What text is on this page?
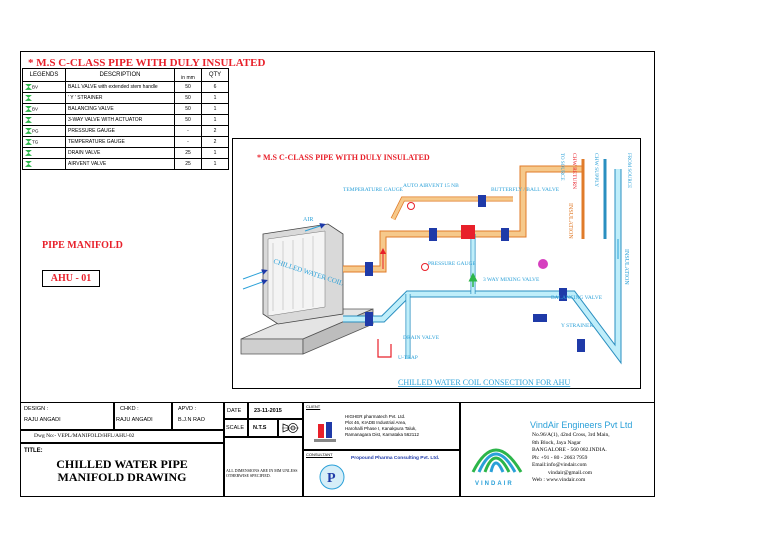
* M.S C-CLASS PIPE WITH DULY INSULATED
LEGENDS	DESCRIPTION	in mm	QTY
BV	BALL VALVE with extended stem handle	50	6
	' Y ' STRAINER	50	1
BV	BALANCING VALVE	50	1
	3-WAY VALVE WITH ACTUATOR	50	1
PG	PRESSURE GAUGE	-	2
TG	TEMPERATURE GAUGE	-	2
	DRAIN VALVE	25	1
	AIRVENT VALVE	25	1
PIPE MANIFOLD
AHU - 01
* M.S C-CLASS PIPE WITH DULY INSULATED
CHILLED WATER COIL
AIR
TEMPERATURE GAUGE
AUTO AIRVENT 15 NB
BUTTERFLY / BALL VALVE
PRESSURE GAUGE
3 WAY MIXING VALVE
BALANCING VALVE
Y STRAINER
DRAIN VALVE
U-TRAP
CHW RETURN	CHW SUPPLY
TO SOURCE	FROM SOURCE
INSULATION
INSULATION
CHILLED WATER COIL CONSECTION FOR AHU
DESIGN :
RAJU ANGADI
CHKD :
RAJU ANGADI
APVD :
B.J.N RAO
Dwg No:- VEPL/MANIFOLD/HFL/AHU-02
TITLE:
CHILLED WATER PIPE
MANIFOLD DRAWING
DATE 23-11-2015
SCALE N.T.S
ALL DIMENSIONS ARE IN MM UNLESS OTHERWISE SPECIFIED.
CLIENT
HIGHER pharmatech Pvt. Ltd.
Plot 46, KIADB Industrial Area,
Harohalli Phase I, Kanakpura Taluk,
Ramanagara Dist, Karnataka 562112
CONSULTANT
P
Propound Pharma Consulting Pvt. Ltd.
VindAir Engineers Pvt Ltd
VINDAIR
No.96/A(1), 42nd Cross, 3rd Main,
8th Block, Jaya Nagar
BANGALORE - 560 082.INDIA.
Ph: +91 - 80 - 2663 7959
Email:info@vindair.com
vindair@gmail.com
Web : www.vindair.com
